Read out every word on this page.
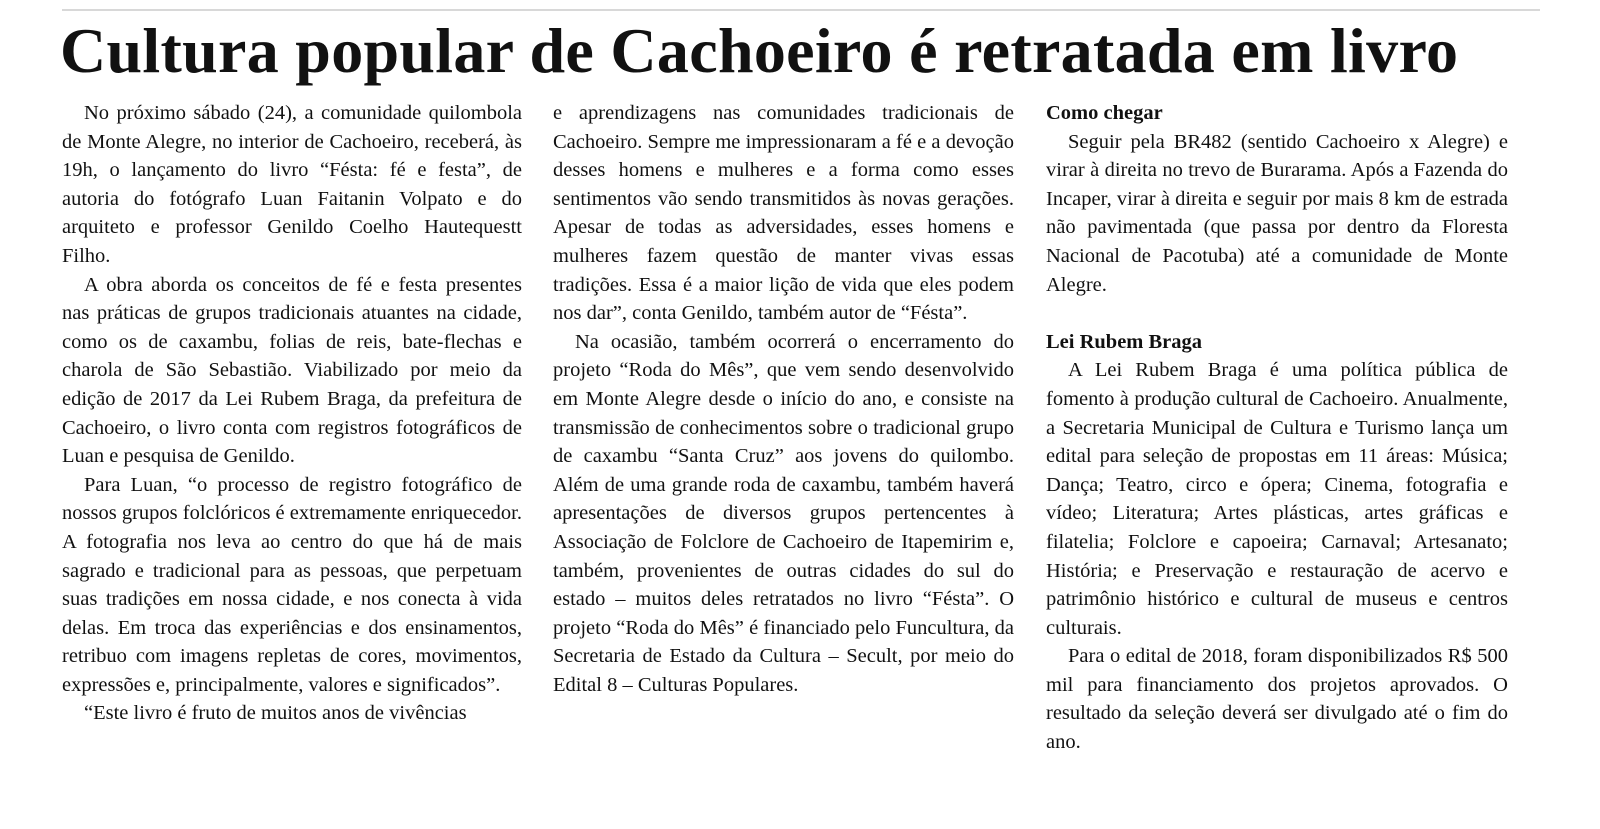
Cultura popular de Cachoeiro é retratada em livro

No próximo sábado (24), a comunidade quilombola de Monte Alegre, no interior de Cachoeiro, receberá, às 19h, o lançamento do livro “Fésta: fé e festa”, de autoria do fotógrafo Luan Faitanin Volpato e do arquiteto e professor Genildo Coelho Hautequestt Filho.

A obra aborda os conceitos de fé e festa presentes nas práticas de grupos tradicionais atuantes na cidade, como os de caxambu, folias de reis, bate-flechas e charola de São Sebastião. Viabilizado por meio da edição de 2017 da Lei Rubem Braga, da prefeitura de Cachoeiro, o livro conta com registros fotográficos de Luan e pesquisa de Genildo.

Para Luan, “o processo de registro fotográfico de nossos grupos folclóricos é extremamente enriquecedor. A fotografia nos leva ao centro do que há de mais sagrado e tradicional para as pessoas, que perpetuam suas tradições em nossa cidade, e nos conecta à vida delas. Em troca das experiências e dos ensinamentos, retribuo com imagens repletas de cores, movimentos, expressões e, principalmente, valores e significados”.

“Este livro é fruto de muitos anos de vivências

e aprendizagens nas comunidades tradicionais de Cachoeiro. Sempre me impressionaram a fé e a devoção desses homens e mulheres e a forma como esses sentimentos vão sendo transmitidos às novas gerações. Apesar de todas as adversidades, esses homens e mulheres fazem questão de manter vivas essas tradições. Essa é a maior lição de vida que eles podem nos dar”, conta Genildo, também autor de “Fésta”.

Na ocasião, também ocorrerá o encerramento do projeto “Roda do Mês”, que vem sendo desenvolvido em Monte Alegre desde o início do ano, e consiste na transmissão de conhecimentos sobre o tradicional grupo de caxambu “Santa Cruz” aos jovens do quilombo. Além de uma grande roda de caxambu, também haverá apresentações de diversos grupos pertencentes à Associação de Folclore de Cachoeiro de Itapemirim e, também, provenientes de outras cidades do sul do estado – muitos deles retratados no livro “Fésta”. O projeto “Roda do Mês” é financiado pelo Funcultura, da Secretaria de Estado da Cultura – Secult, por meio do Edital 8 – Culturas Populares.

Como chegar

Seguir pela BR482 (sentido Cachoeiro x Alegre) e virar à direita no trevo de Burarama. Após a Fazenda do Incaper, virar à direita e seguir por mais 8 km de estrada não pavimentada (que passa por dentro da Floresta Nacional de Pacotuba) até a comunidade de Monte Alegre.

Lei Rubem Braga

A Lei Rubem Braga é uma política pública de fomento à produção cultural de Cachoeiro. Anualmente, a Secretaria Municipal de Cultura e Turismo lança um edital para seleção de propostas em 11 áreas: Música; Dança; Teatro, circo e ópera; Cinema, fotografia e vídeo; Literatura; Artes plásticas, artes gráficas e filatelia; Folclore e capoeira; Carnaval; Artesanato; História; e Preservação e restauração de acervo e patrimônio histórico e cultural de museus e centros culturais.

Para o edital de 2018, foram disponibilizados R$ 500 mil para financiamento dos projetos aprovados. O resultado da seleção deverá ser divulgado até o fim do ano.
